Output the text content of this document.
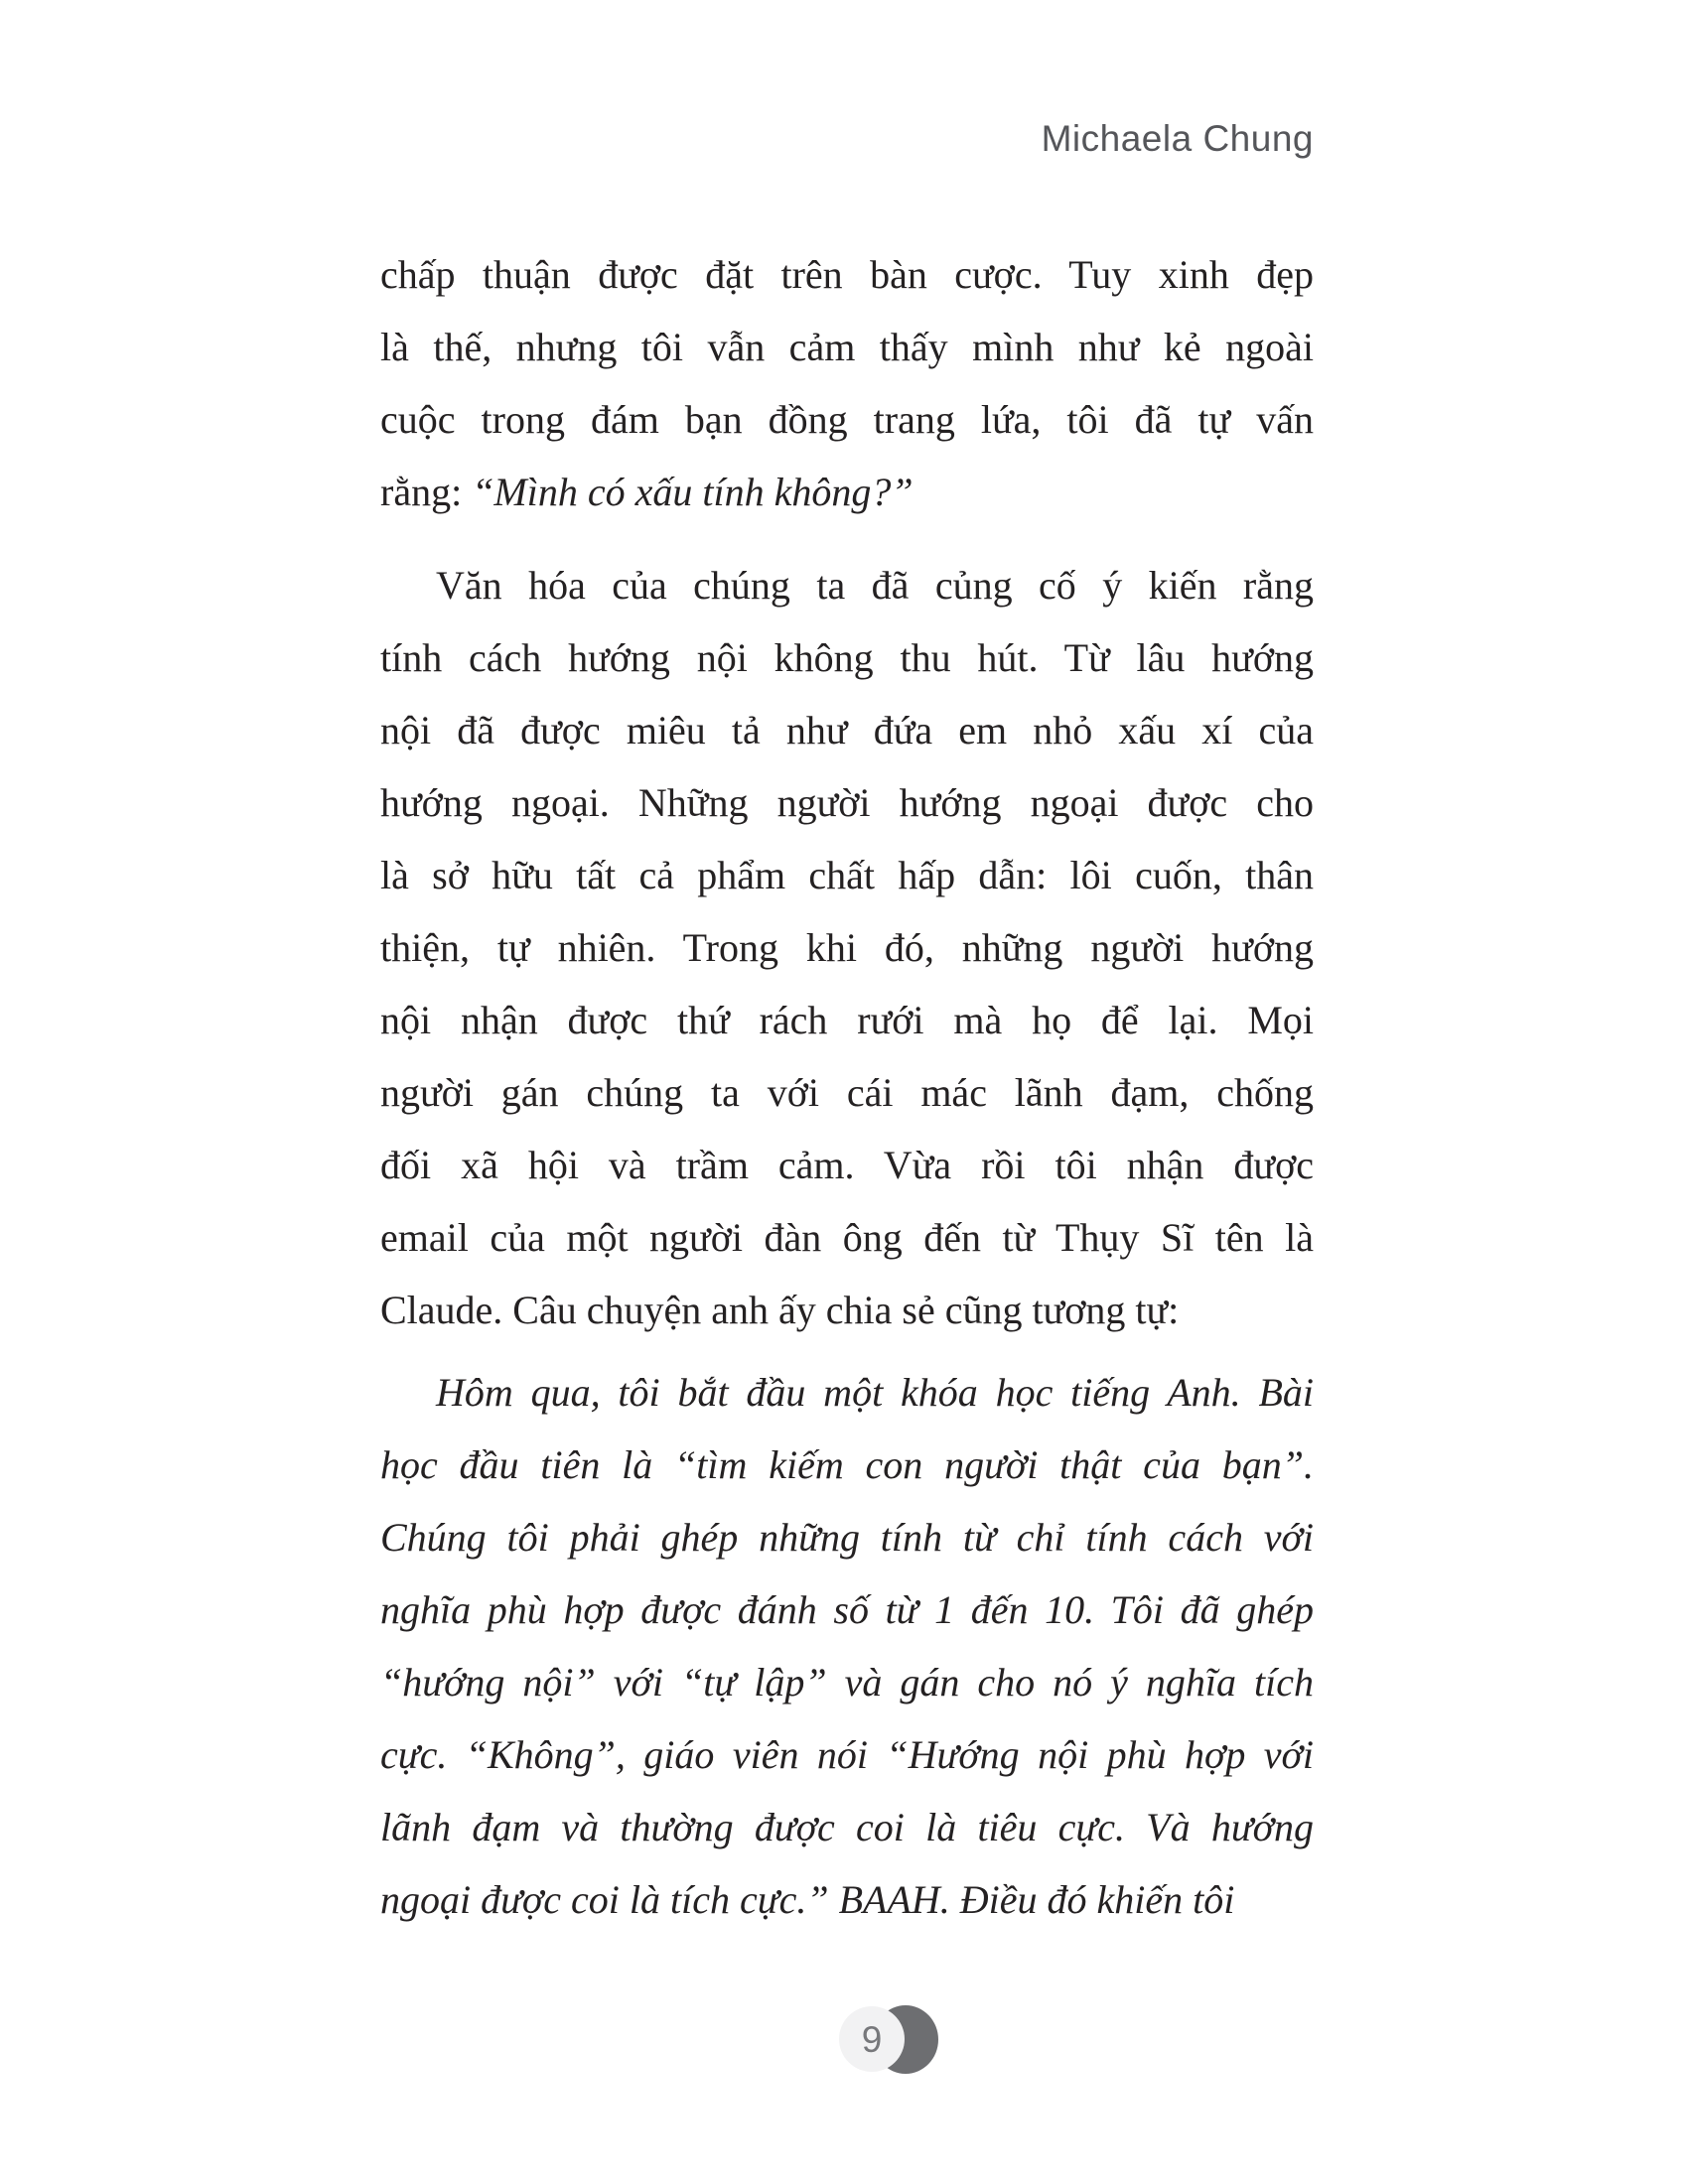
Michaela Chung
chấp thuận được đặt trên bàn cược. Tuy xinh đẹp
là thế, nhưng tôi vẫn cảm thấy mình như kẻ ngoài
cuộc trong đám bạn đồng trang lứa, tôi đã tự vấn
rằng: “Mình có xấu tính không?”
Văn hóa của chúng ta đã củng cố ý kiến rằng
tính cách hướng nội không thu hút. Từ lâu hướng
nội đã được miêu tả như đứa em nhỏ xấu xí của
hướng ngoại. Những người hướng ngoại được cho
là sở hữu tất cả phẩm chất hấp dẫn: lôi cuốn, thân
thiện, tự nhiên. Trong khi đó, những người hướng
nội nhận được thứ rách rưới mà họ để lại. Mọi
người gán chúng ta với cái mác lãnh đạm, chống
đối xã hội và trầm cảm. Vừa rồi tôi nhận được
email của một người đàn ông đến từ Thụy Sĩ tên là
Claude. Câu chuyện anh ấy chia sẻ cũng tương tự:
Hôm qua, tôi bắt đầu một khóa học tiếng Anh. Bài
học đầu tiên là “tìm kiếm con người thật của bạn”.
Chúng tôi phải ghép những tính từ chỉ tính cách với
nghĩa phù hợp được đánh số từ 1 đến 10. Tôi đã ghép
“hướng nội” với “tự lập” và gán cho nó ý nghĩa tích
cực. “Không”, giáo viên nói “Hướng nội phù hợp với
lãnh đạm và thường được coi là tiêu cực. Và hướng
ngoại được coi là tích cực.” BAAH. Điều đó khiến tôi
9
